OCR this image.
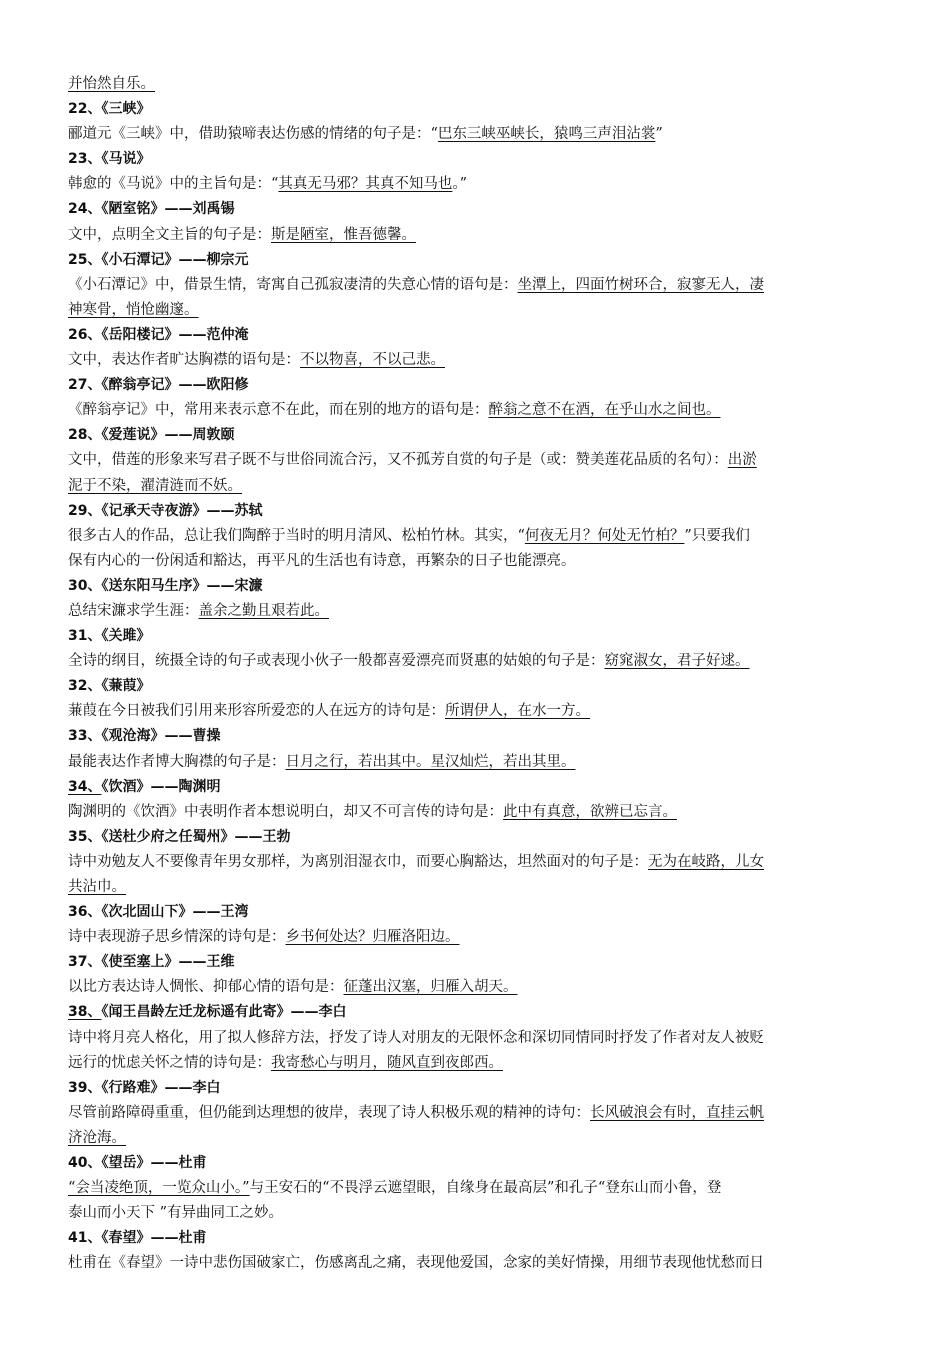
并怡然自乐。
22、《三峡》
郦道元《三峡》中，借助猿啼表达伤感的情绪的句子是：“巴东三峡巫峡长，猿鸣三声泪沾裳”
23、《马说》
韩愈的《马说》中的主旨句是：“其真无马邪？其真不知马也。”
24、《陋室铭》——刘禹锡
文中，点明全文主旨的句子是：斯是陋室，惟吾德馨。
25、《小石潭记》——柳宗元
《小石潭记》中，借景生情，寄寓自己孤寂凄清的失意心情的语句是：坐潭上，四面竹树环合，寂寥无人，凄
神寒骨，悄怆幽邃。
26、《岳阳楼记》——范仲淹
文中，表达作者旷达胸襟的语句是：不以物喜，不以己悲。
27、《醉翁亭记》——欧阳修
《醉翁亭记》中，常用来表示意不在此，而在别的地方的语句是：醉翁之意不在酒，在乎山水之间也。
28、《爱莲说》——周敦颐
文中，借莲的形象来写君子既不与世俗同流合污，又不孤芳自赏的句子是（或：赞美莲花品质的名句）：出淤
泥于不染，濯清涟而不妖。
29、《记承天寺夜游》——苏轼
很多古人的作品，总让我们陶醉于当时的明月清风、松柏竹林。其实，“何夜无月？何处无竹柏？”只要我们
保有内心的一份闲适和豁达，再平凡的生活也有诗意，再繁杂的日子也能漂亮。
30、《送东阳马生序》——宋濂
总结宋濂求学生涯：盖余之勤且艰若此。
31、《关雎》
全诗的纲目，统摄全诗的句子或表现小伙子一般都喜爱漂亮而贤惠的姑娘的句子是：窈窕淑女，君子好逑。
32、《蒹葭》
蒹葭在今日被我们引用来形容所爱恋的人在远方的诗句是：所谓伊人，在水一方。
33、《观沧海》——曹操
最能表达作者博大胸襟的句子是：日月之行，若出其中。星汉灿烂，若出其里。
34、《饮酒》——陶渊明
陶渊明的《饮酒》中表明作者本想说明白，却又不可言传的诗句是：此中有真意，欲辨已忘言。
35、《送杜少府之任蜀州》——王勃
诗中劝勉友人不要像青年男女那样，为离别泪湿衣巾，而要心胸豁达，坦然面对的句子是：无为在岐路，儿女
共沾巾。
36、《次北固山下》——王湾
诗中表现游子思乡情深的诗句是：乡书何处达？归雁洛阳边。
37、《使至塞上》——王维
以比方表达诗人惆怅、抑郁心情的语句是：征蓬出汉塞，归雁入胡天。
38、《闻王昌龄左迁龙标遥有此寄》——李白
诗中将月亮人格化，用了拟人修辞方法，抒发了诗人对朋友的无限怀念和深切同情同时抒发了作者对友人被贬
远行的忧虑关怀之情的诗句是：我寄愁心与明月，随风直到夜郎西。
39、《行路难》——李白
尽管前路障碍重重，但仍能到达理想的彼岸，表现了诗人积极乐观的精神的诗句：长风破浪会有时，直挂云帆
济沧海。
40、《望岳》——杜甫
“会当凌绝顶，一览众山小。”与王安石的“不畏浮云遮望眼，自缘身在最高层”和孔子“登东山而小鲁，登
泰山而小天下 ”有异曲同工之妙。
41、《春望》——杜甫
杜甫在《春望》一诗中悲伤国破家亡，伤感离乱之痛，表现他爱国，念家的美好情操，用细节表现他忧愁而日
